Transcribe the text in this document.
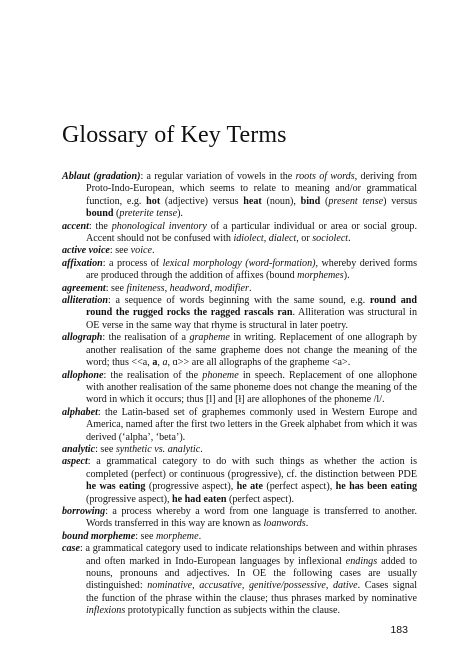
Glossary of Key Terms

Ablaut (gradation): a regular variation of vowels in the roots of words, deriving from Proto-Indo-European, which seems to relate to meaning and/or grammatical function, e.g. hot (adjective) versus heat (noun), bind (present tense) versus bound (preterite tense).

accent: the phonological inventory of a particular individual or area or social group. Accent should not be confused with idiolect, dialect, or sociolect.

active voice: see voice.

affixation: a process of lexical morphology (word-formation), whereby derived forms are produced through the addition of affixes (bound morphemes).

agreement: see finiteness, headword, modifier.

alliteration: a sequence of words beginning with the same sound, e.g. round and round the rugged rocks the ragged rascals ran. Alliteration was structural in OE verse in the same way that rhyme is structural in later poetry.

allograph: the realisation of a grapheme in writing. Replacement of one allograph by another realisation of the same grapheme does not change the meaning of the word; thus <<a, a, a, ɑ>> are all allographs of the grapheme <a>.

allophone: the realisation of the phoneme in speech. Replacement of one allophone with another realisation of the same phoneme does not change the meaning of the word in which it occurs; thus [l] and [ł] are allophones of the phoneme /l/.

alphabet: the Latin-based set of graphemes commonly used in Western Europe and America, named after the first two letters in the Greek alphabet from which it was derived (‘alpha’, ‘beta’).

analytic: see synthetic vs. analytic.

aspect: a grammatical category to do with such things as whether the action is completed (perfect) or continuous (progressive), cf. the distinction between PDE he was eating (progressive aspect), he ate (perfect aspect), he has been eating (progressive aspect), he had eaten (perfect aspect).

borrowing: a process whereby a word from one language is transferred to another. Words transferred in this way are known as loanwords.

bound morpheme: see morpheme.

case: a grammatical category used to indicate relationships between and within phrases and often marked in Indo-European languages by inflexional endings added to nouns, pronouns and adjectives. In OE the following cases are usually distinguished: nominative, accusative, genitive/possessive, dative. Cases signal the function of the phrase within the clause; thus phrases marked by nominative inflexions prototypically function as subjects within the clause.

183
